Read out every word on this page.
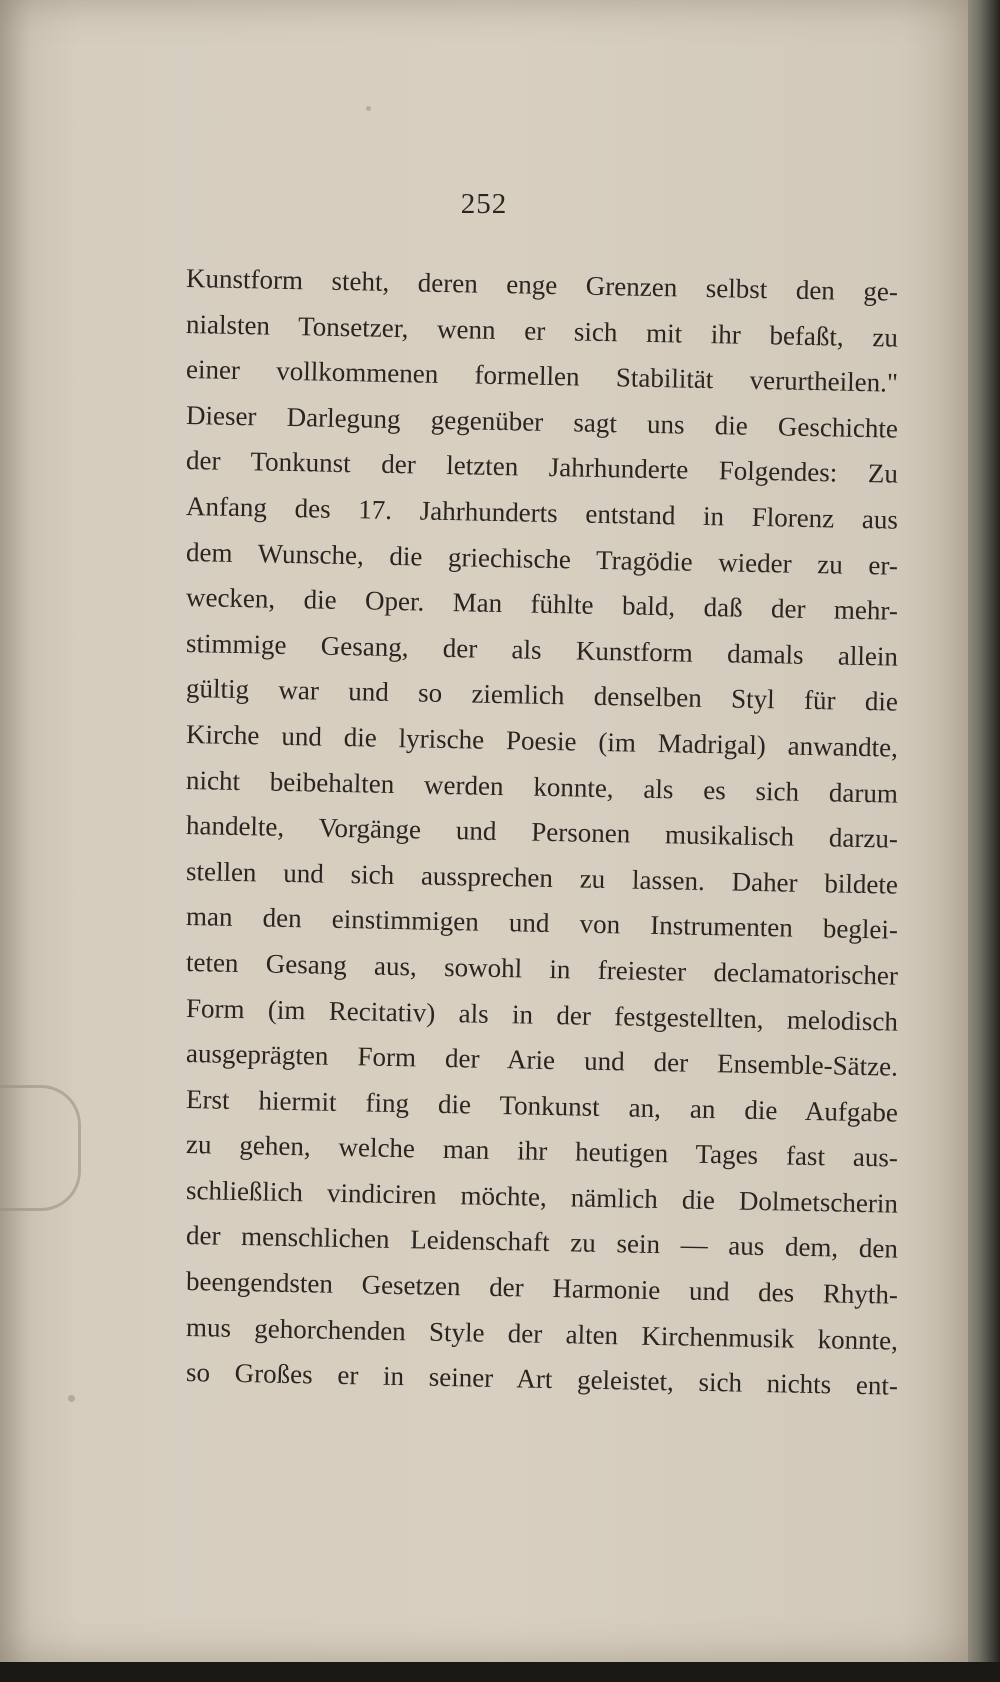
252
Kunstform steht, deren enge Grenzen selbst den ge-
nialsten Tonsetzer, wenn er sich mit ihr befaßt, zu
einer vollkommenen formellen Stabilität verurtheilen."
Dieser Darlegung gegenüber sagt uns die Geschichte
der Tonkunst der letzten Jahrhunderte Folgendes: Zu
Anfang des 17. Jahrhunderts entstand in Florenz aus
dem Wunsche, die griechische Tragödie wieder zu er-
wecken, die Oper. Man fühlte bald, daß der mehr-
stimmige Gesang, der als Kunstform damals allein
gültig war und so ziemlich denselben Styl für die
Kirche und die lyrische Poesie (im Madrigal) anwandte,
nicht beibehalten werden konnte, als es sich darum
handelte, Vorgänge und Personen musikalisch darzu-
stellen und sich aussprechen zu lassen. Daher bildete
man den einstimmigen und von Instrumenten beglei-
teten Gesang aus, sowohl in freiester declamatorischer
Form (im Recitativ) als in der festgestellten, melodisch
ausgeprägten Form der Arie und der Ensemble-Sätze.
Erst hiermit fing die Tonkunst an, an die Aufgabe
zu gehen, welche man ihr heutigen Tages fast aus-
schließlich vindiciren möchte, nämlich die Dolmetscherin
der menschlichen Leidenschaft zu sein — aus dem, den
beengendsten Gesetzen der Harmonie und des Rhyth-
mus gehorchenden Style der alten Kirchenmusik konnte,
so Großes er in seiner Art geleistet, sich nichts ent-
